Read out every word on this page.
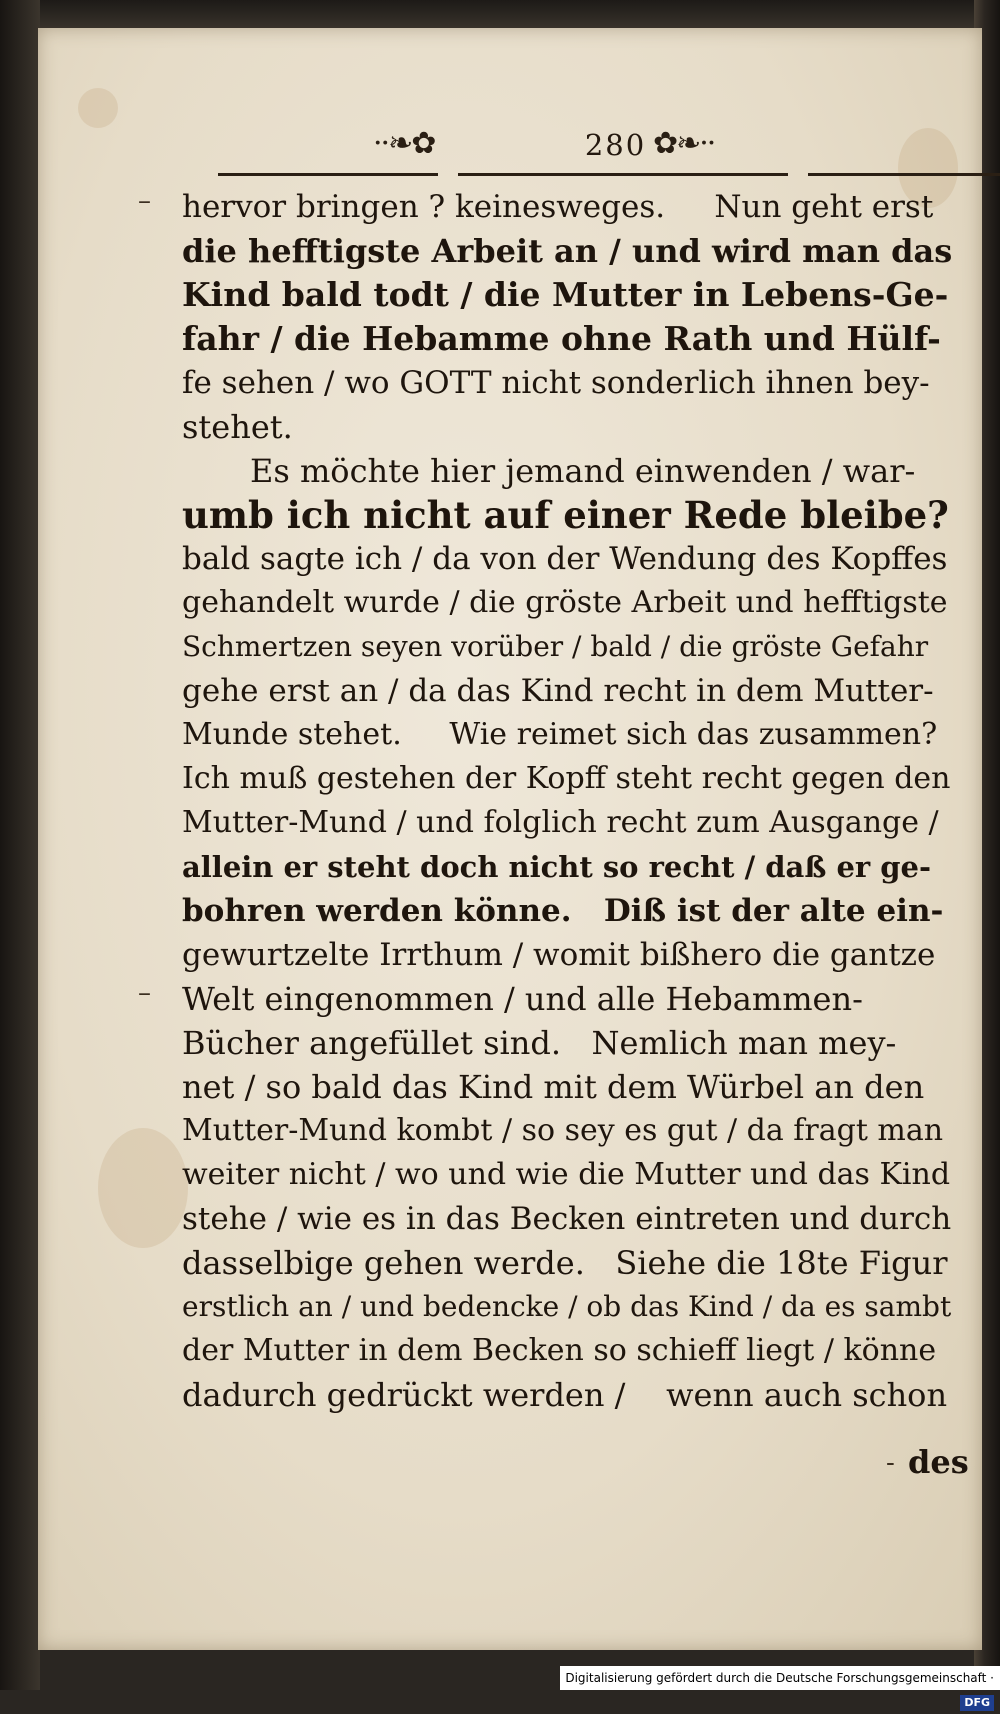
··❧✿	280 ✿❧··
–
–
-
hervor bringen ? keinesweges.     Nun geht erst
die hefftigste Arbeit an / und wird man das
Kind bald todt / die Mutter in Lebens-Ge-
fahr / die Hebamme ohne Rath und Hülf-
fe sehen / wo GOTT nicht sonderlich ihnen bey-
stehet.
Es möchte hier jemand einwenden / war-
umb ich nicht auf einer Rede bleibe?
bald sagte ich / da von der Wendung des Kopffes
gehandelt wurde / die gröste Arbeit und hefftigste
Schmertzen seyen vorüber / bald / die gröste Gefahr
gehe erst an / da das Kind recht in dem Mutter-
Munde stehet.     Wie reimet sich das zusammen?
Ich muß gestehen der Kopff steht recht gegen den
Mutter-Mund / und folglich recht zum Ausgange /
allein er steht doch nicht so recht / daß er ge-
bohren werden könne.   Diß ist der alte ein-
gewurtzelte Irrthum / womit bißhero die gantze
Welt eingenommen / und alle Hebammen-
Bücher angefüllet sind.   Nemlich man mey-
net / so bald das Kind mit dem Würbel an den
Mutter-Mund kombt / so sey es gut / da fragt man
weiter nicht / wo und wie die Mutter und das Kind
stehe / wie es in das Becken eintreten und durch
dasselbige gehen werde.   Siehe die 18te Figur
erstlich an / und bedencke / ob das Kind / da es sambt
der Mutter in dem Becken so schieff liegt / könne
dadurch gedrückt werden /    wenn auch schon
des
Digitalisierung gefördert durch die Deutsche Forschungsgemeinschaft · DFG
